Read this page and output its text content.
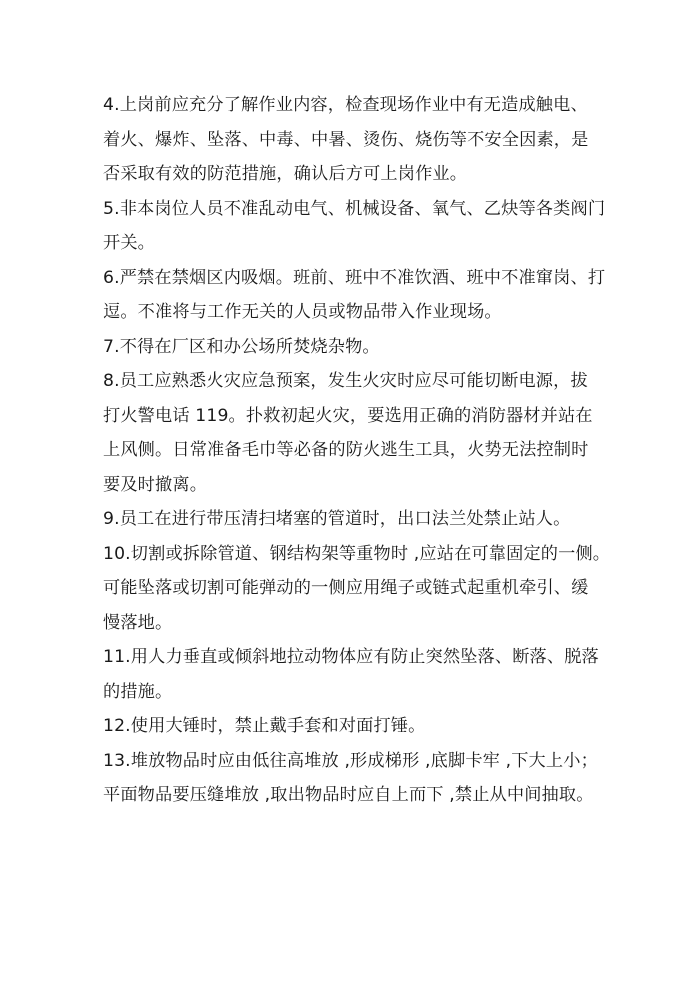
4.上岗前应充分了解作业内容，检查现场作业中有无造成触电、
着火、爆炸、坠落、中毒、中暑、烫伤、烧伤等不安全因素，是
否采取有效的防范措施，确认后方可上岗作业。
5.非本岗位人员不准乱动电气、机械设备、氧气、乙炔等各类阀门
开关。
6.严禁在禁烟区内吸烟。班前、班中不准饮酒、班中不准窜岗、打
逗。不准将与工作无关的人员或物品带入作业现场。
7.不得在厂区和办公场所焚烧杂物。
8.员工应熟悉火灾应急预案，发生火灾时应尽可能切断电源，拔
打火警电话 119。扑救初起火灾，要选用正确的消防器材并站在
上风侧。日常准备毛巾等必备的防火逃生工具，火势无法控制时
要及时撤离。
9.员工在进行带压清扫堵塞的管道时，出口法兰处禁止站人。
10.切割或拆除管道、钢结构架等重物时 ,应站在可靠固定的一侧。
可能坠落或切割可能弹动的一侧应用绳子或链式起重机牵引、缓
慢落地。
11.用人力垂直或倾斜地拉动物体应有防止突然坠落、断落、脱落
的措施。
12.使用大锤时，禁止戴手套和对面打锤。
13.堆放物品时应由低往高堆放 ,形成梯形 ,底脚卡牢 ,下大上小；
平面物品要压缝堆放 ,取出物品时应自上而下 ,禁止从中间抽取。
